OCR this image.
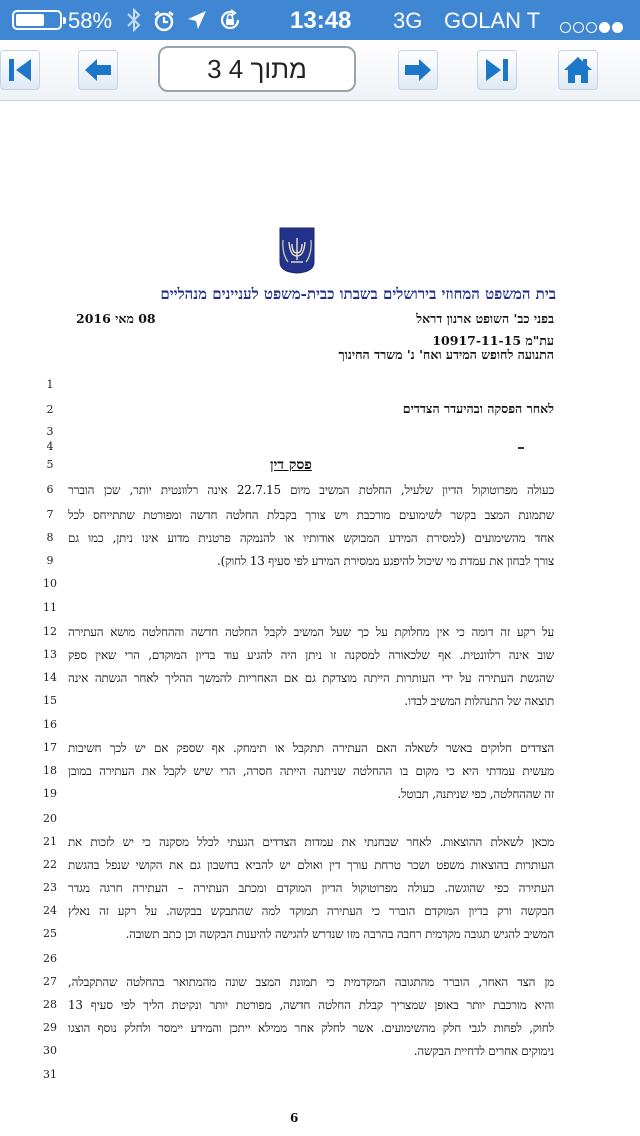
58%	13:48 3G GOLAN T
3 מתוך 4
בית המשפט המחוזי בירושלים בשבתו כבית-משפט לעניינים מנהליים
בפני כב' השופט ארנון דראל
08 מאי 2016
עת"מ 10917-11-15
התנועה לחופש המידע ואח' נ' משרד החינוך
1
2
3
4
5
6
7
8
9
10
11
12
13
14
15
16
17
18
19
20
21
22
23
24
25
26
27
28
29
30
31
לאחר הפסקה ובהיעדר הצדדים
פסק דין
כעולה מפרוטוקול הדיון שלעיל, החלטת המשיב מיום 22.7.15 אינה רלוונטית יותר, שכן הוברר
שתמונת המצב בקשר לשימועים מורכבת ויש צורך בקבלת החלטה חדשה ומפורטת שתתייחס לכל
אחד מהשימועים (למסירת המידע המבוקש אודותיו או להנמקה פרטנית מדוע אינו ניתן, כמו גם
צורך לבחון את עמדת מי שיכול להיפגע ממסירת המידע לפי סעיף 13 לחוק).
על רקע זה דומה כי אין מחלוקת על כך שעל המשיב לקבל החלטה חדשה וההחלטה מושא העתירה
שוב אינה רלוונטית. אף שלכאורה למסקנה זו ניתן היה להגיע עוד בדיון המוקדם, הרי שאין ספק
שהגשת העתירה על ידי העותרות הייתה מוצדקת גם אם האחריות להמשך ההליך לאחר הגשתה אינה
תוצאה של התנהלות המשיב לבדו.
הצדדים חלוקים באשר לשאלה האם העתירה תתקבל או תימחק. אף שספק אם יש לכך חשיבות
מעשית עמדתי היא כי מקום בו ההחלטה שניתנה הייתה חסרה, הרי שיש לקבל את העתירה במובן
זה שההחלטה, כפי שניתנה, תבוטל.
מכאן לשאלת ההוצאות. לאחר שבחנתי את עמדות הצדדים הגעתי לכלל מסקנה כי יש לזכות את
העותרות בהוצאות משפט ושכר טרחת עורך דין ואולם יש להביא בחשבון גם את הקושי שנפל בהגשת
העתירה כפי שהוגשה. כעולה מפרוטוקול הדיון המוקדם ומכתב העתירה – העתירה חרגה מגדר
הבקשה ורק בדיון המוקדם הוברר כי העתירה תמוקד למה שהתבקש בבקשה. על רקע זה נאלץ
המשיב להגיש תגובה מקדמית רחבה בהרבה מזו שנדרש להגישה להיענות הבקשה וכן כתב תשובה.
מן הצד האחר, הוברר מהתגובה המקדמית כי תמונת המצב שונה מהמתואר בהחלטה שהתקבלה,
והיא מורכבת יותר באופן שמצריך קבלת החלטה חדשה, מפורטת יותר ונקיטת הליך לפי סעיף 13
לחוק, לפחות לגבי חלק מהשימועים. אשר לחלק אחר ממילא ייתכן והמידע יימסר ולחלק נוסף הוצגו
נימוקים אחרים לדחיית הבקשה.
6
